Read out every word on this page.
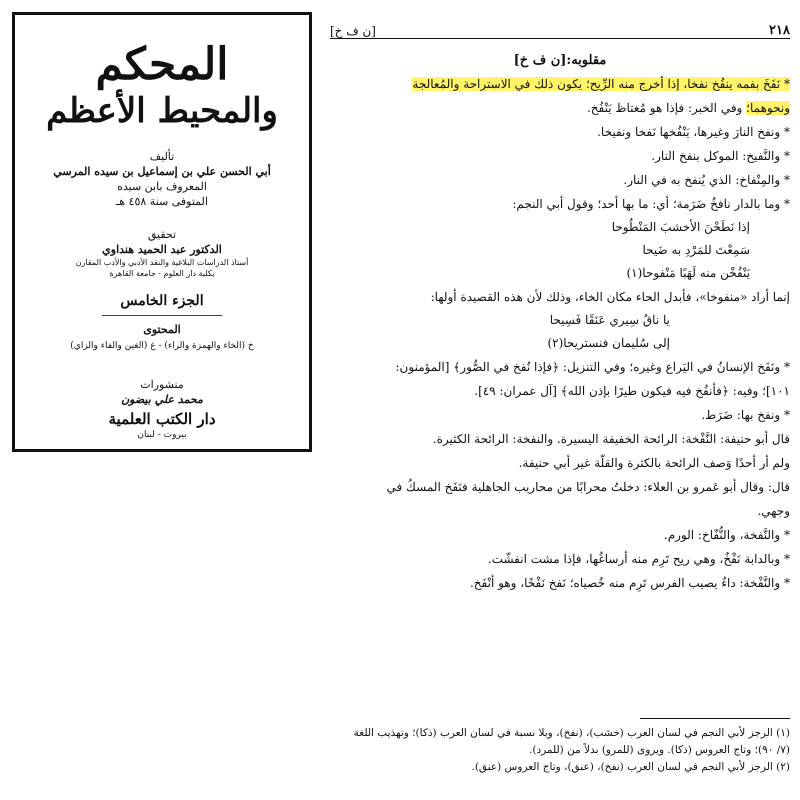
المحكم
والمحيط الأعظم
تأليف
أبي الحسن علي بن إسماعيل بن سيده المرسي
المعروف بابن سيده
المتوفى سنة ٤٥٨ هـ
تحقيق
الدكتور عبد الحميد هنداوي
أستاذ الدراسات البلاغية والنقد الأدبي والأدب المقارن
بكلية دار العلوم - جامعة القاهرة
الجزء الخامس
المحتوى
خ (الخاء والهمزة والراء) - غ (الغين والفاء والزاي)
منشورات
محمد علي بيضون
دار الكتب العلمية
بيروت - لبنان
٢١٨
[ن ف خ]
مقلوبه:[ن ف خ]
* نَفَخَ بفمه ينفُخ نفخا، إذا أخرج منه الرِّيح؛ يكون ذلك في الاستراحة والمُعالجة
ونحوهما؛ وفي الخبر: فإذا هو مُغتاظ يَنْفُخ.
* ونفخ النارَ وغيرها، يَنْفُخها نَفخا ونفيخا.
* والنَّفيخ: الموكل بنفخ النار.
* والمِنْفاخ: الذي يُنفخ به في النار.
* وما بالدار نافخُ ضَرَمة؛ أي: ما بها أحد؛ وقول أبي النجم:
إذا نَطَحْنَ الأخشبَ المَنْطُوحا
سَمِعْتَ للمَرْدِ به ضَيحا
يَنْفُخْن منه لَهَبًا مَنْفوحا(١)
إنما أراد «منفوخا»، فأبدل الحاء مكان الخاء، وذلك لأن هذه القصيدة أولها:
يا ناقُ سِيري عَنَقًا فَسِيحا
إلى سُليمان فنستريحا(٢)
* ونَفَخ الإنسانُ في اليَراع وغيره؛ وفي التنزيل: ﴿فإذا نُفخ في الصُّور﴾ [المؤمنون:
١٠١]؛ وفيه: ﴿فأنفُخ فيه فيكون طيرًا بإذن الله﴾ [آل عمران: ٤٩].
* ونفخ بها: ضَرَط.
قال أبو حنيفة: النَّفْخة: الرائحة الخفيفة اليسيرة. والنفخة: الرائحة الكثيرة.
ولم أر أحدًا وَصف الرائحة بالكثرة والقلّة غير أبي حنيفة.
قال: وقال أبو عَمرو بن العلاء: دخلتُ محرابًا من محاريب الجاهلية فنَفَخ المسكُ في
وجهي.
* والنَّفخة، والنُّفّاخ: الورم.
* وبالدابة نَفْخٌ، وهي ريح تَرِم منه أرساغُها، فإذا مشت انفشّت.
* والنَّفْخة: داءٌ يصيب الفرس تَرِم منه خُصياه؛ نَفخ نَفْخًا، وهو أنْفَخ.
(١) الرجز لأبي النجم في لسان العرب (خشب)، (نفخ)، وبلا نسبة في لسان العرب (ذكا)؛ وتهذيب اللغة
(٧/ ٩٠)؛ وتاج العروس (ذكا). ويروى (للمرو) بدلاً من (للمرد).
(٢) الرجز لأبي النجم في لسان العرب (نفخ)، (عنق)، وتاج العروس (عنق).
